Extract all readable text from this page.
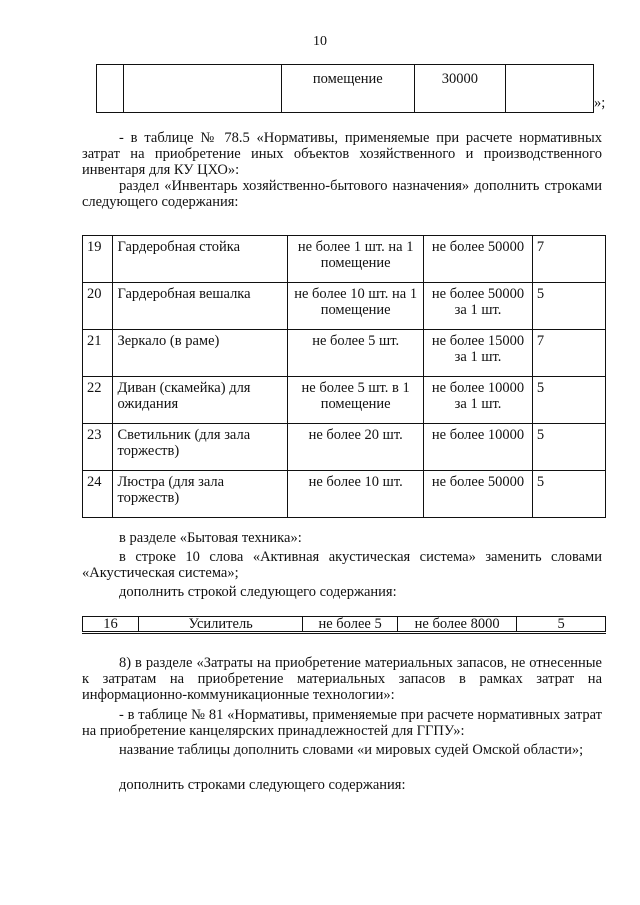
10
		помещение	30000	
»;
- в таблице № 78.5 «Нормативы, применяемые при расчете нормативных затрат на приобретение иных объектов хозяйственного и производственного инвентаря для КУ ЦХО»:
раздел «Инвентарь хозяйственно-бытового назначения» дополнить строками следующего содержания:
19	Гардеробная стойка	не более 1 шт. на 1 помещение	не более 50000	7
20	Гардеробная вешалка	не более 10 шт. на 1 помещение	не более 50000 за 1 шт.	5
21	Зеркало (в раме)	не более 5 шт.	не более 15000 за 1 шт.	7
22	Диван (скамейка) для ожидания	не более 5 шт. в 1 помещение	не более 10000 за 1 шт.	5
23	Светильник (для зала торжеств)	не более 20 шт.	не более 10000	5
24	Люстра (для зала торжеств)	не более 10 шт.	не более 50000	5
в разделе «Бытовая техника»:
в строке 10 слова «Активная акустическая система» заменить словами «Акустическая система»;
дополнить строкой следующего содержания:
16	Усилитель	не более 5	не более 8000	5
8) в разделе «Затраты на приобретение материальных запасов, не отнесенные к затратам на приобретение материальных запасов в рамках затрат на информационно-коммуникационные технологии»:
- в таблице № 81 «Нормативы, применяемые при расчете нормативных затрат на приобретение канцелярских принадлежностей для ГГПУ»:
название таблицы дополнить словами «и мировых судей Омской области»;
дополнить строками следующего содержания:
